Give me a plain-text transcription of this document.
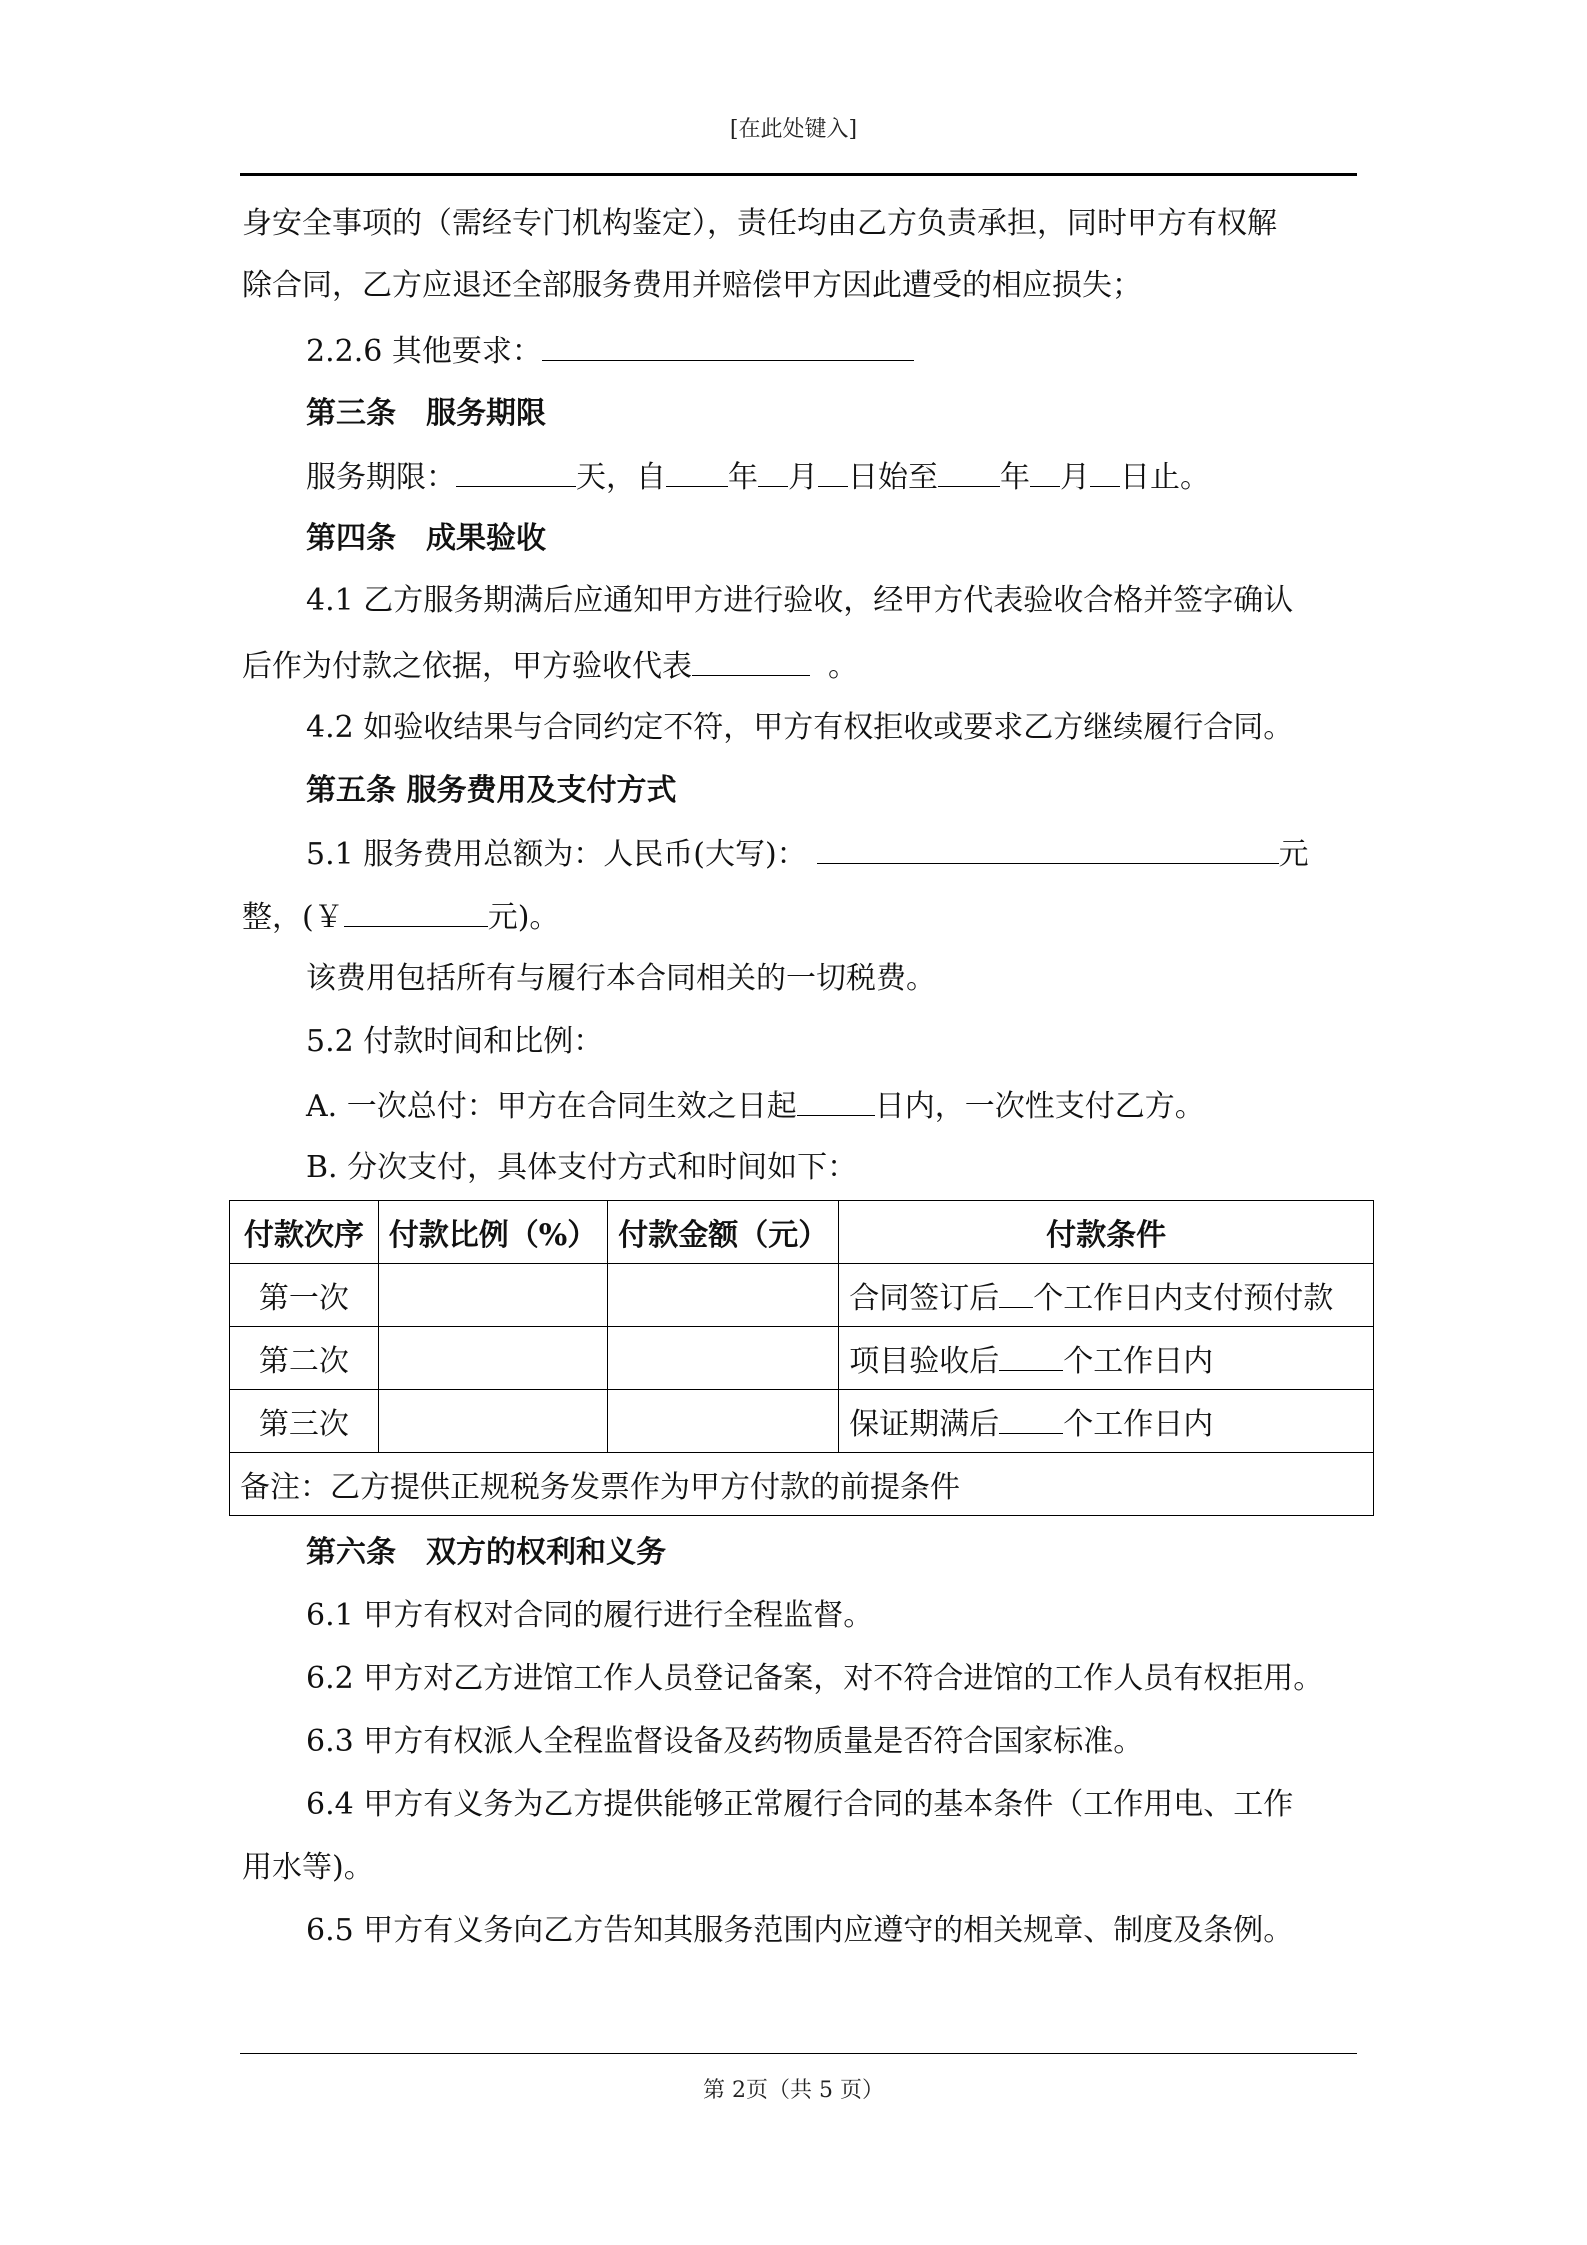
[在此处键入]
身安全事项的（需经专门机构鉴定），责任均由乙方负责承担，同时甲方有权解
除合同，乙方应退还全部服务费用并赔偿甲方因此遭受的相应损失；
2.2.6 其他要求：
第三条　服务期限
服务期限：	天，自 年 月 日始至 年 月 日止。
第四条　成果验收
4.1 乙方服务期满后应通知甲方进行验收，经甲方代表验收合格并签字确认
后作为付款之依据，甲方验收代表	。
4.2 如验收结果与合同约定不符，甲方有权拒收或要求乙方继续履行合同。
第五条 服务费用及支付方式
5.1 服务费用总额为：人民币(大写)：	元
整，(￥	元)。
该费用包括所有与履行本合同相关的一切税费。
5.2 付款时间和比例：
A. 一次总付：甲方在合同生效之日起	日内，一次性支付乙方。
B. 分次支付，具体支付方式和时间如下：
付款次序	付款比例（%）	付款金额（元）	付款条件
第一次			合同签订后 个工作日内支付预付款
第二次			项目验收后 个工作日内
第三次			保证期满后 个工作日内
备注：乙方提供正规税务发票作为甲方付款的前提条件			
第六条　双方的权利和义务
6.1 甲方有权对合同的履行进行全程监督。
6.2 甲方对乙方进馆工作人员登记备案，对不符合进馆的工作人员有权拒用。
6.3 甲方有权派人全程监督设备及药物质量是否符合国家标准。
6.4 甲方有义务为乙方提供能够正常履行合同的基本条件（工作用电、工作
用水等)。
6.5 甲方有义务向乙方告知其服务范围内应遵守的相关规章、制度及条例。
第 2页（共 5 页）
